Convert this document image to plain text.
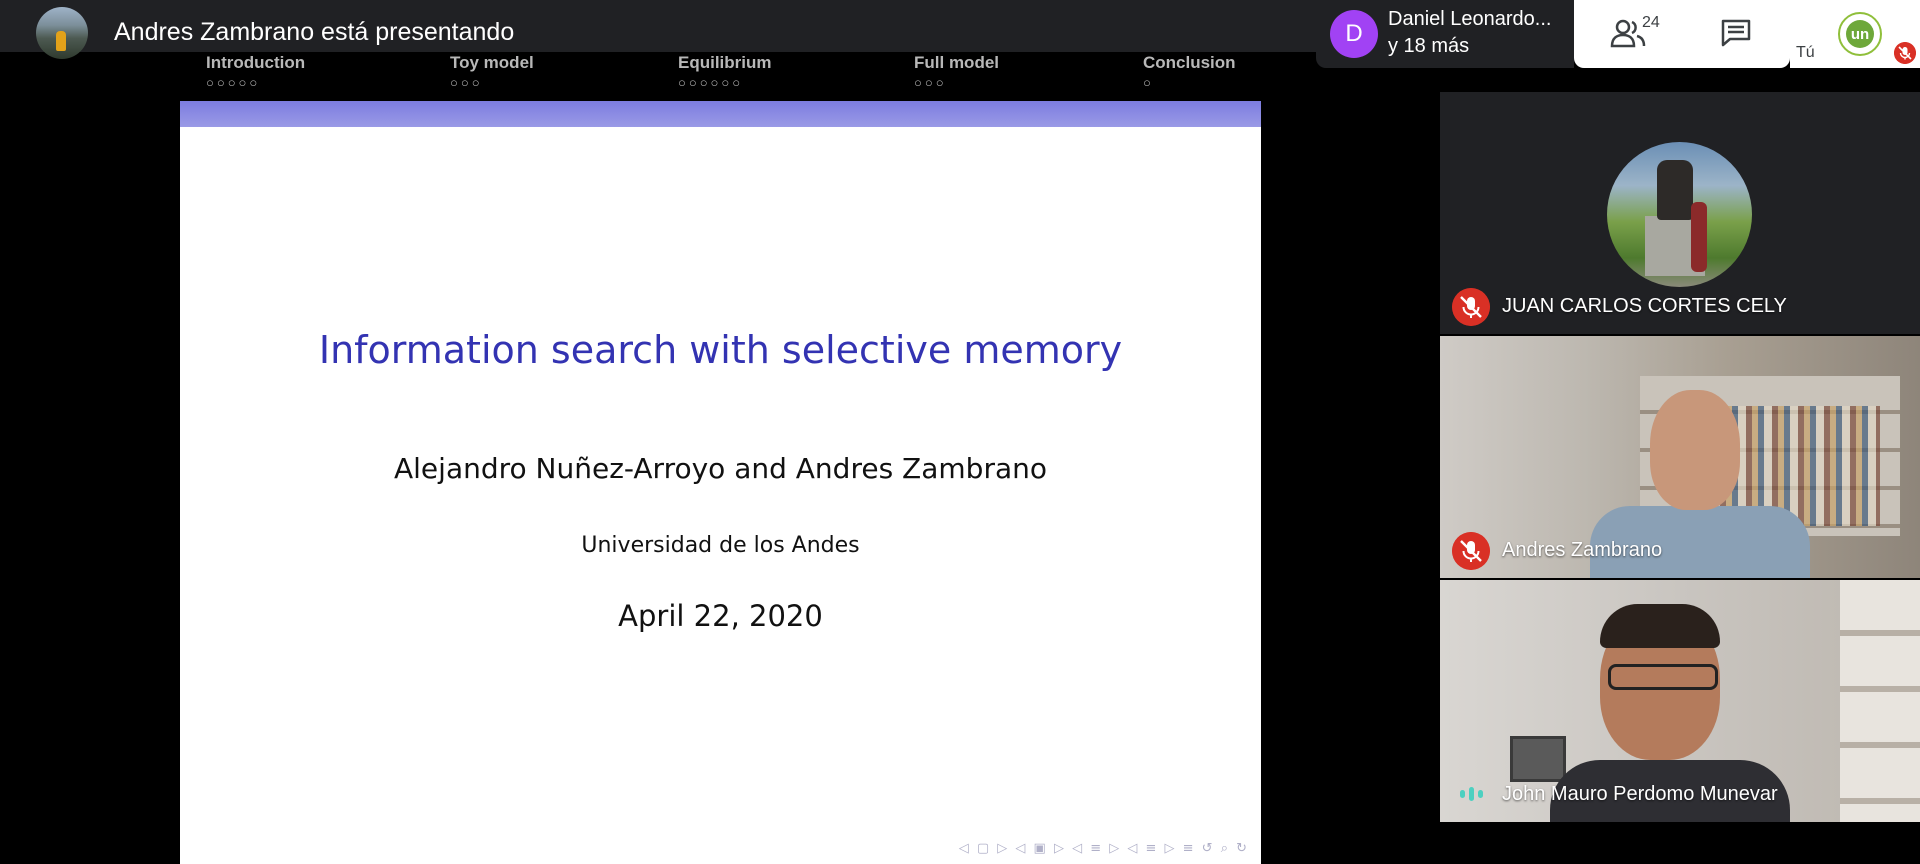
Andres Zambrano está presentando
Introduction
○○○○○
Toy model
○○○
Equilibrium
○○○○○○
Full model
○○○
Conclusion
○
Information search with selective memory
Alejandro Nuñez-Arroyo and Andres Zambrano
Universidad de los Andes
April 22, 2020
◁ ▢ ▷ ◁ ▣ ▷ ◁ ≡ ▷ ◁ ≡ ▷ ≡ ↺ ⌕ ↻
D
Daniel Leonardo...
y 18 más
24
Tú
un
JUAN CARLOS CORTES CELY
Andres Zambrano
John Mauro Perdomo Munevar
